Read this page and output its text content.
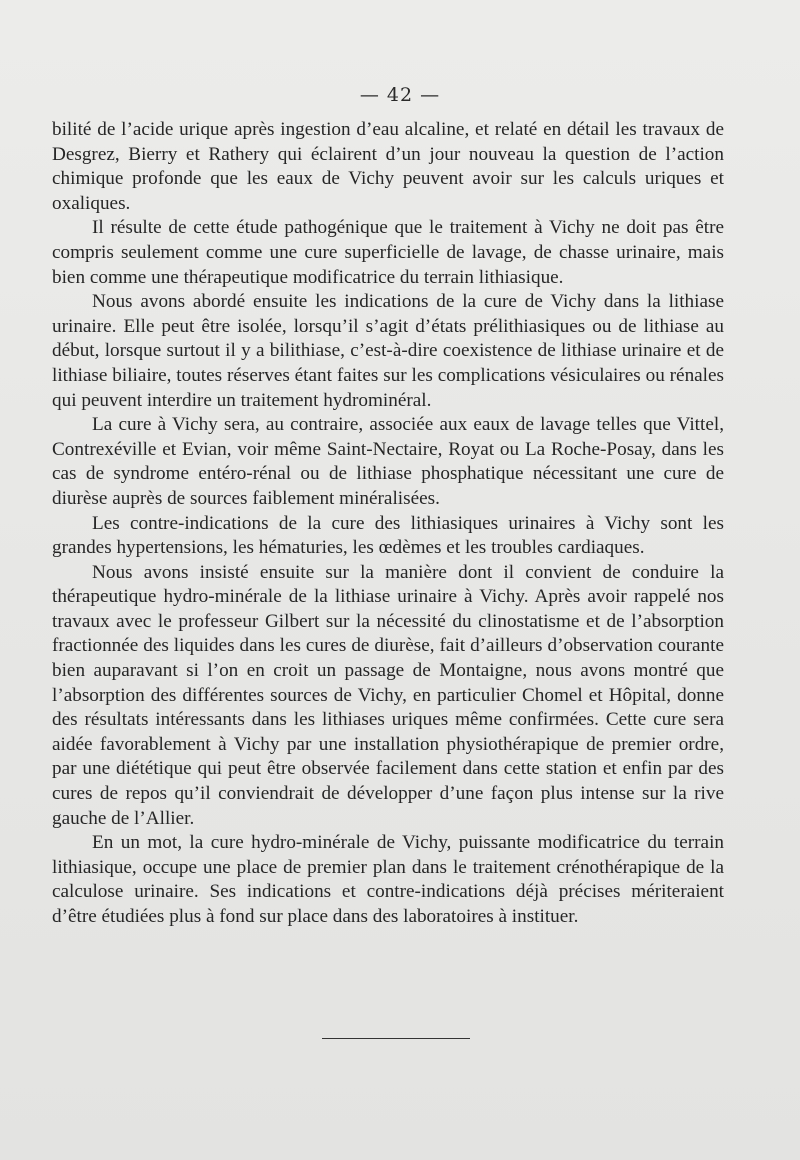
— 42 —

bilité de l’acide urique après ingestion d’eau alcaline, et relaté en détail les travaux de Desgrez, Bierry et Rathery qui éclairent d’un jour nouveau la question de l’action chimique profonde que les eaux de Vichy peuvent avoir sur les calculs uriques et oxaliques.

Il résulte de cette étude pathogénique que le traitement à Vichy ne doit pas être compris seulement comme une cure superficielle de lavage, de chasse urinaire, mais bien comme une thérapeutique modificatrice du terrain lithiasique.

Nous avons abordé ensuite les indications de la cure de Vichy dans la lithiase urinaire. Elle peut être isolée, lorsqu’il s’agit d’états prélithiasiques ou de lithiase au début, lorsque surtout il y a bilithiase, c’est-à-dire coexistence de lithiase urinaire et de lithiase biliaire, toutes réserves étant faites sur les complications vésiculaires ou rénales qui peuvent interdire un traitement hydrominéral.

La cure à Vichy sera, au contraire, associée aux eaux de lavage telles que Vittel, Contrexéville et Evian, voir même Saint-Nectaire, Royat ou La Roche-Posay, dans les cas de syndrome entéro-rénal ou de lithiase phosphatique nécessitant une cure de diurèse auprès de sources faiblement minéralisées.

Les contre-indications de la cure des lithiasiques urinaires à Vichy sont les grandes hypertensions, les hématuries, les œdèmes et les troubles cardiaques.

Nous avons insisté ensuite sur la manière dont il convient de conduire la thérapeutique hydro-minérale de la lithiase urinaire à Vichy. Après avoir rappelé nos travaux avec le professeur Gilbert sur la nécessité du clinostatisme et de l’absorption fractionnée des liquides dans les cures de diurèse, fait d’ailleurs d’observation courante bien auparavant si l’on en croit un passage de Montaigne, nous avons montré que l’absorption des différentes sources de Vichy, en particulier Chomel et Hôpital, donne des résultats intéressants dans les lithiases uriques même confirmées. Cette cure sera aidée favorablement à Vichy par une installation physiothérapique de premier ordre, par une diététique qui peut être observée facilement dans cette station et enfin par des cures de repos qu’il conviendrait de développer d’une façon plus intense sur la rive gauche de l’Allier.

En un mot, la cure hydro-minérale de Vichy, puissante modificatrice du terrain lithiasique, occupe une place de premier plan dans le traitement crénothérapique de la calculose urinaire. Ses indications et contre-indications déjà précises mériteraient d’être étudiées plus à fond sur place dans des laboratoires à instituer.
